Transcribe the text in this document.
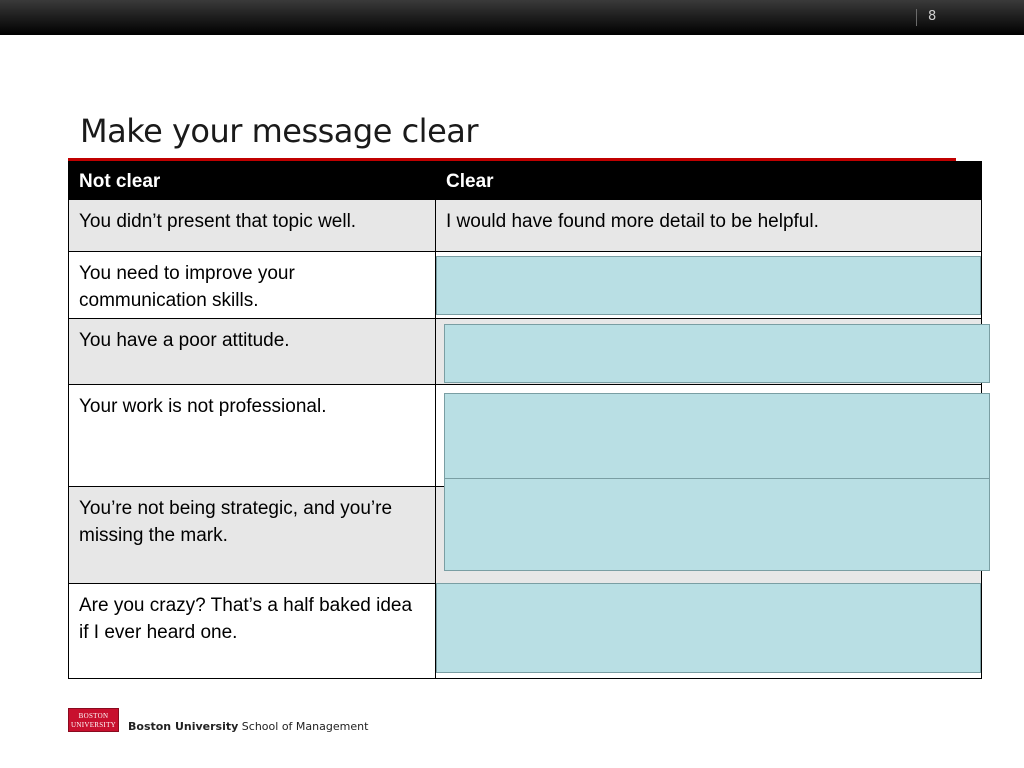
8
Make your message clear
Not clear	Clear
You didn’t present that topic well.	I would have found more detail to be helpful.
You need to improve your communication skills.
You have a poor attitude.
Your work is not professional.
You’re not being strategic, and you’re missing the mark.
Are you crazy? That’s a half baked idea if I ever heard one.
BOSTON
UNIVERSITY Boston University School of Management
